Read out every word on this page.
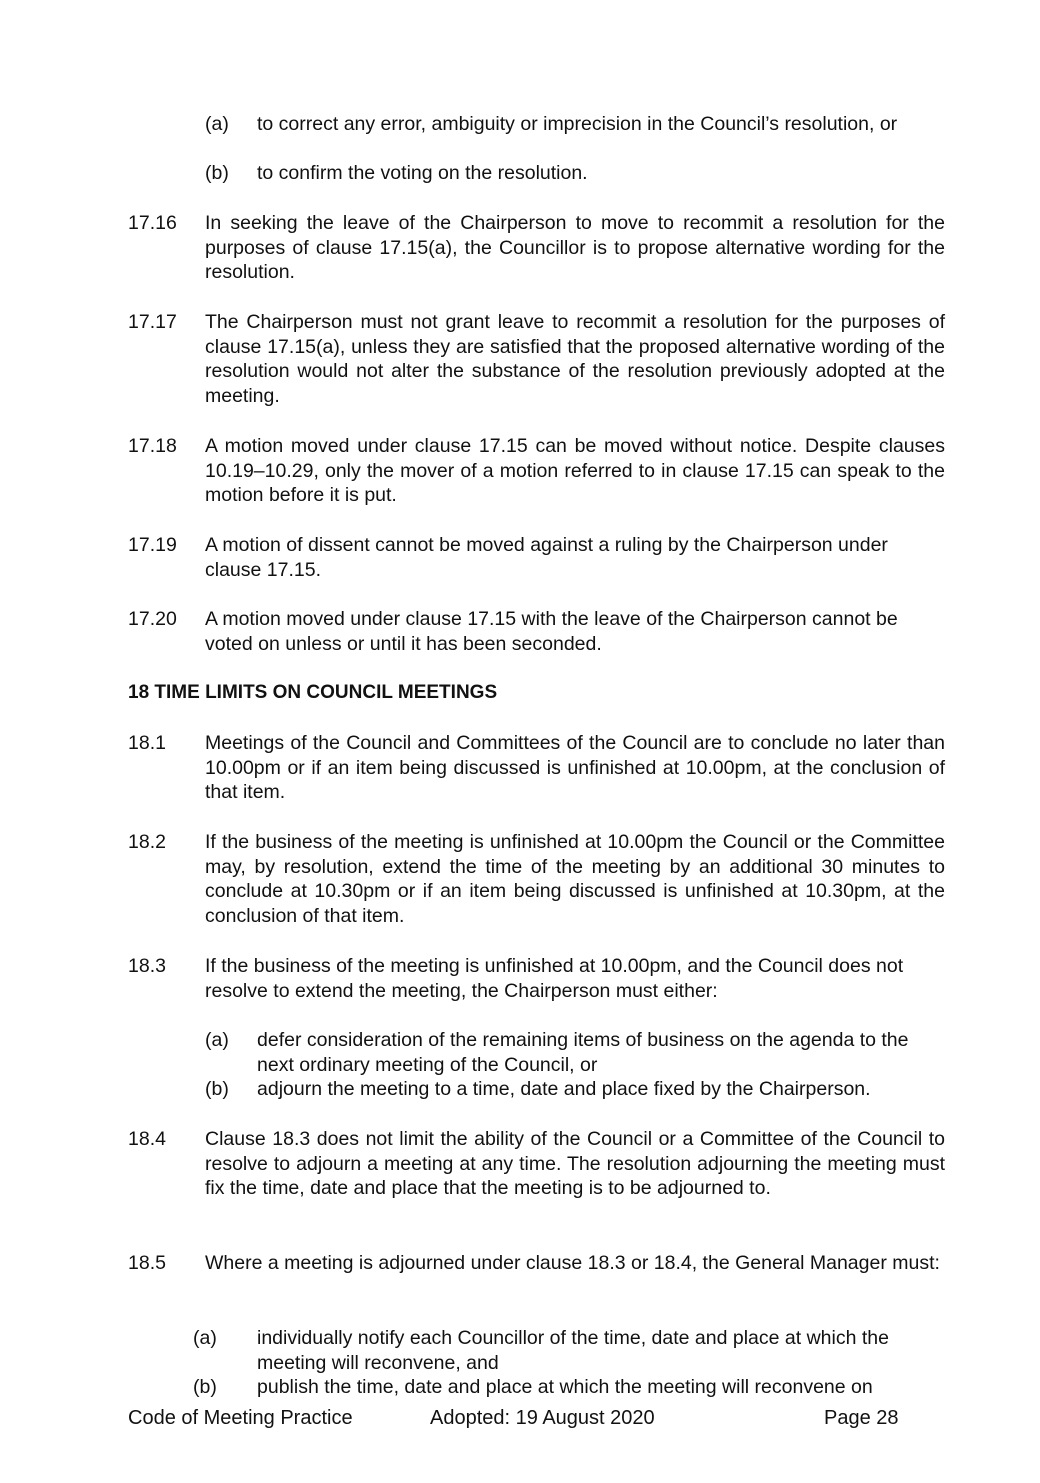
(a) to correct any error, ambiguity or imprecision in the Council’s resolution, or
(b) to confirm the voting on the resolution.
17.16 In seeking the leave of the Chairperson to move to recommit a resolution for the purposes of clause 17.15(a), the Councillor is to propose alternative wording for the resolution.
17.17 The Chairperson must not grant leave to recommit a resolution for the purposes of clause 17.15(a), unless they are satisfied that the proposed alternative wording of the resolution would not alter the substance of the resolution previously adopted at the meeting.
17.18 A motion moved under clause 17.15 can be moved without notice. Despite clauses 10.19–10.29, only the mover of a motion referred to in clause 17.15 can speak to the motion before it is put.
17.19 A motion of dissent cannot be moved against a ruling by the Chairperson under clause 17.15.
17.20 A motion moved under clause 17.15 with the leave of the Chairperson cannot be voted on unless or until it has been seconded.
18 TIME LIMITS ON COUNCIL MEETINGS
18.1 Meetings of the Council and Committees of the Council are to conclude no later than 10.00pm or if an item being discussed is unfinished at 10.00pm, at the conclusion of that item.
18.2 If the business of the meeting is unfinished at 10.00pm the Council or the Committee may, by resolution, extend the time of the meeting by an additional 30 minutes to conclude at 10.30pm or if an item being discussed is unfinished at 10.30pm, at the conclusion of that item.
18.3 If the business of the meeting is unfinished at 10.00pm, and the Council does not resolve to extend the meeting, the Chairperson must either:
(a) defer consideration of the remaining items of business on the agenda to the next ordinary meeting of the Council, or
(b) adjourn the meeting to a time, date and place fixed by the Chairperson.
18.4 Clause 18.3 does not limit the ability of the Council or a Committee of the Council to resolve to adjourn a meeting at any time. The resolution adjourning the meeting must fix the time, date and place that the meeting is to be adjourned to.
18.5 Where a meeting is adjourned under clause 18.3 or 18.4, the General Manager must:
(a) individually notify each Councillor of the time, date and place at which the meeting will reconvene, and
(b) publish the time, date and place at which the meeting will reconvene on
Code of Meeting Practice	Adopted: 19 August 2020	Page 28
